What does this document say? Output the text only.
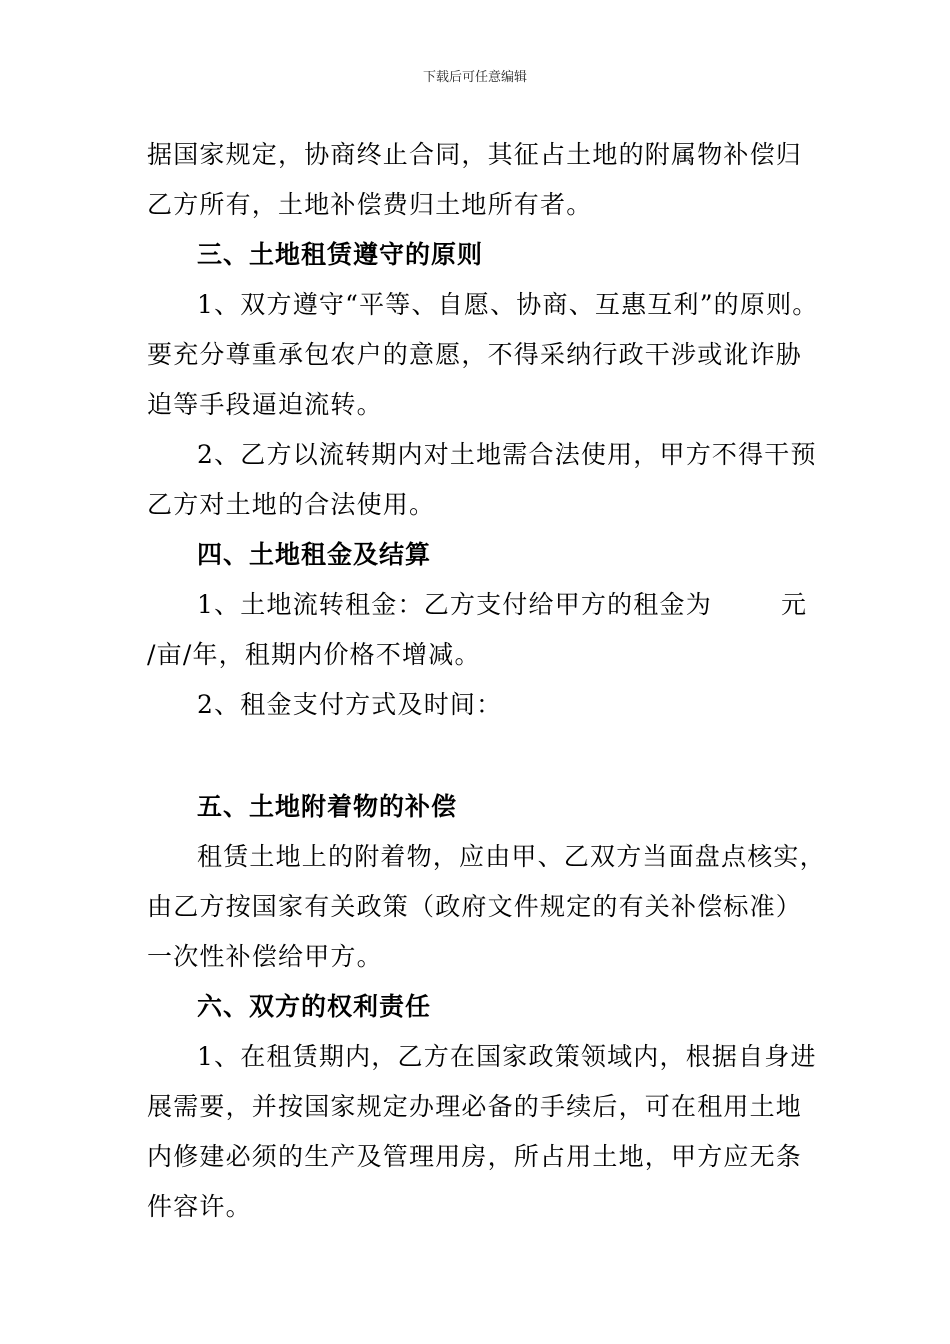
下载后可任意编辑
据国家规定，协商终止合同，其征占土地的附属物补偿归
乙方所有，土地补偿费归土地所有者。
三、土地租赁遵守的原则
1、双方遵守“平等、自愿、协商、互惠互利”的原则。
要充分尊重承包农户的意愿，不得采纳行政干涉或讹诈胁
迫等手段逼迫流转。
2、乙方以流转期内对土地需合法使用，甲方不得干预
乙方对土地的合法使用。
四、土地租金及结算
1、土地流转租金：乙方支付给甲方的租金为	元
/亩/年，租期内价格不增减。
2、租金支付方式及时间：
五、土地附着物的补偿
租赁土地上的附着物，应由甲、乙双方当面盘点核实，
由乙方按国家有关政策（政府文件规定的有关补偿标准）
一次性补偿给甲方。
六、双方的权利责任
1、在租赁期内，乙方在国家政策领域内，根据自身进
展需要，并按国家规定办理必备的手续后，可在租用土地
内修建必须的生产及管理用房，所占用土地，甲方应无条
件容许。
